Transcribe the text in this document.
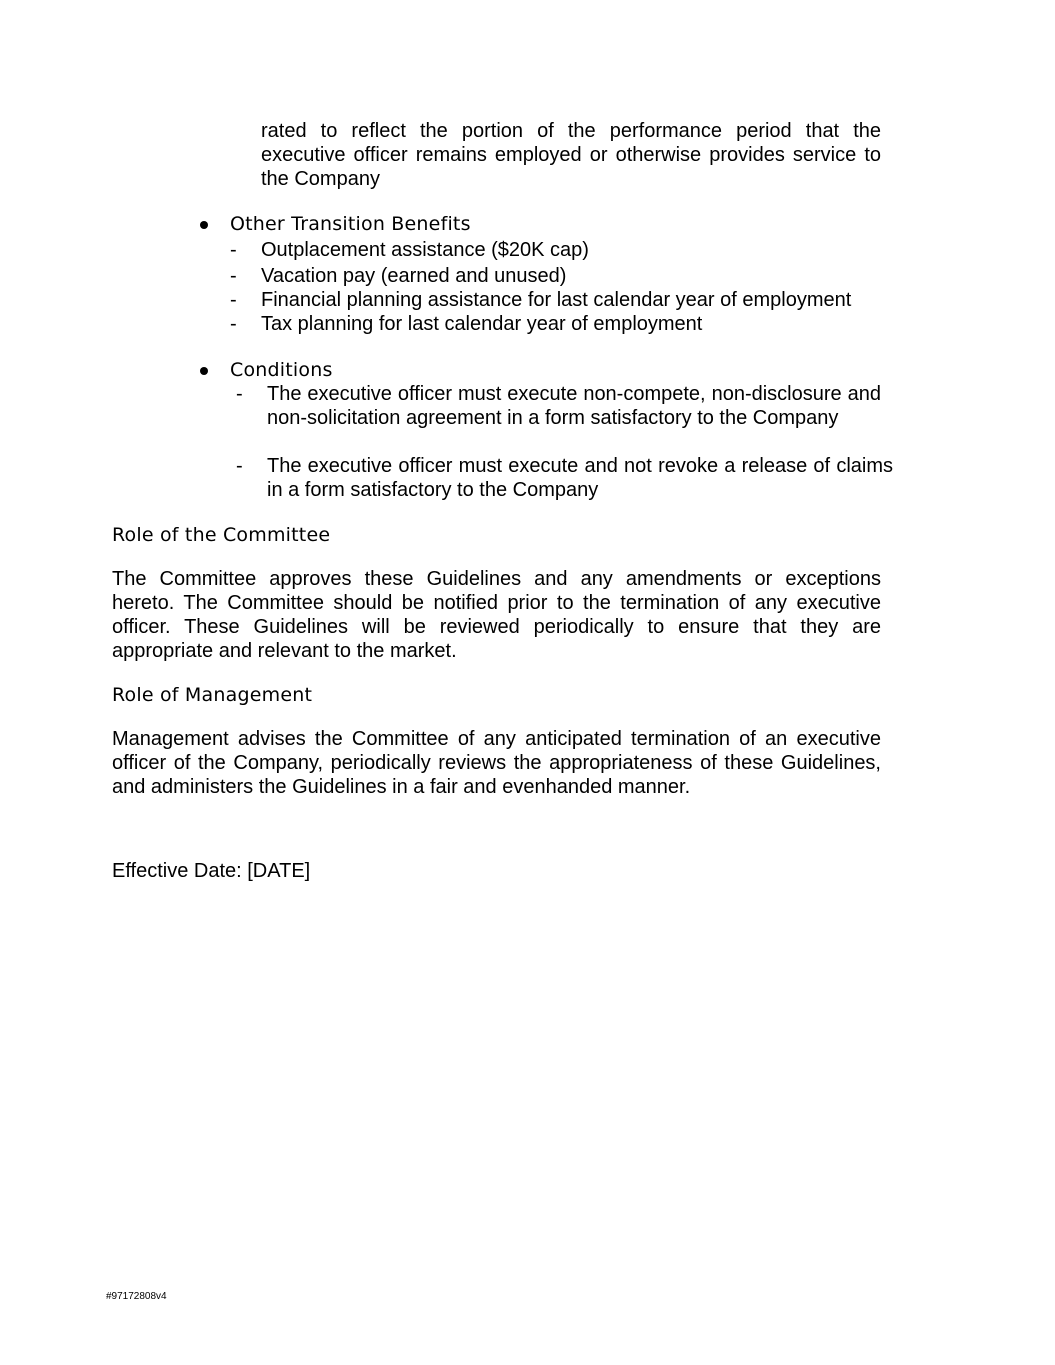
rated to reflect the portion of the performance period that the executive officer remains employed or otherwise provides service to the Company
Other Transition Benefits
- Outplacement assistance ($20K cap)
- Vacation pay (earned and unused)
- Financial planning assistance for last calendar year of employment
- Tax planning for last calendar year of employment
Conditions
- The executive officer must execute non-compete, non-disclosure and non-solicitation agreement in a form satisfactory to the Company
- The executive officer must execute and not revoke a release of claims in a form satisfactory to the Company
Role of the Committee
The Committee approves these Guidelines and any amendments or exceptions hereto. The Committee should be notified prior to the termination of any executive officer. These Guidelines will be reviewed periodically to ensure that they are appropriate and relevant to the market.
Role of Management
Management advises the Committee of any anticipated termination of an executive officer of the Company, periodically reviews the appropriateness of these Guidelines, and administers the Guidelines in a fair and evenhanded manner.
Effective Date: [DATE]
#97172808v4
